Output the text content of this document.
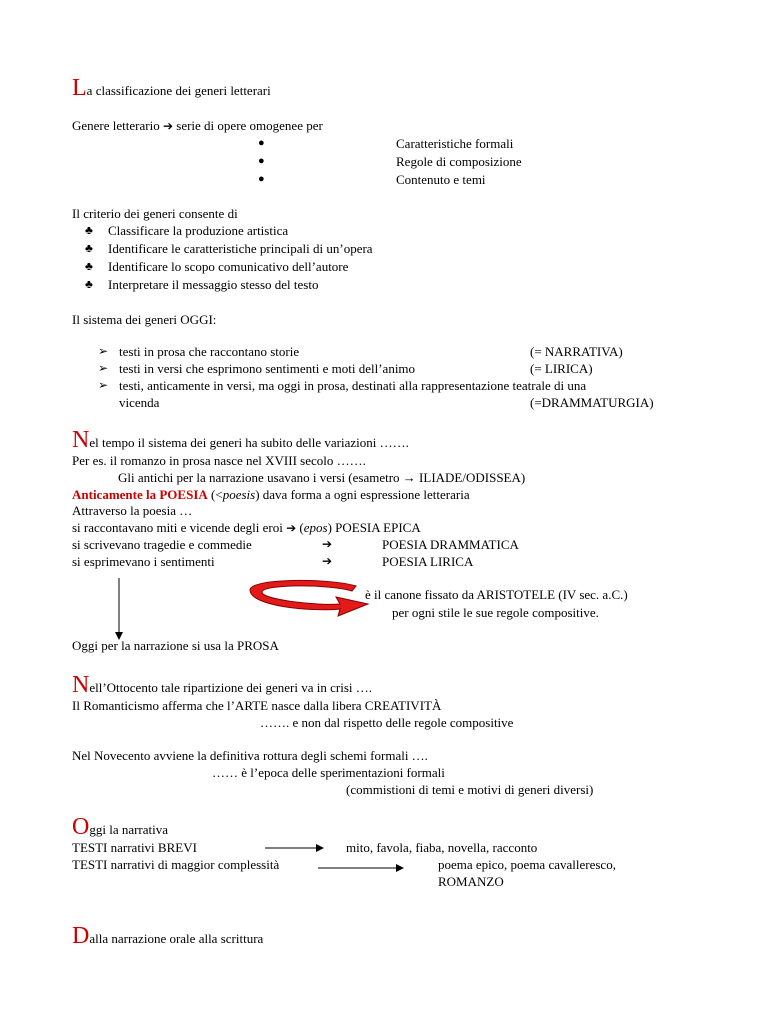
La classificazione dei generi letterari
Genere letterario ➔ serie di opere omogenee per
●	Caratteristiche formali
●	Regole di composizione
●	Contenuto e temi
Il criterio dei generi consente di
♣ Classificare la produzione artistica
♣ Identificare le caratteristiche principali di un’opera
♣ Identificare lo scopo comunicativo dell’autore
♣ Interpretare il messaggio stesso del testo
Il sistema dei generi OGGI:
➢ testi in prosa che raccontano storie	(= NARRATIVA)
➢ testi in versi che esprimono sentimenti e moti dell’animo	(= LIRICA)
➢ testi, anticamente in versi, ma oggi in prosa, destinati alla rappresentazione teatrale di una
vicenda	(=DRAMMATURGIA)
Nel tempo il sistema dei generi ha subito delle variazioni …….
Per es. il romanzo in prosa nasce nel XVIII secolo …….
Gli antichi per la narrazione usavano i versi (esametro → ILIADE/ODISSEA)
Anticamente la POESIA (<poesis) dava forma a ogni espressione letteraria
Attraverso la poesia …
si raccontavano miti e vicende degli eroi ➔ (epos) POESIA EPICA
si scrivevano tragedie e commedie	➔	POESIA DRAMMATICA
si esprimevano i sentimenti	➔	POESIA LIRICA
è il canone fissato da ARISTOTELE (IV sec. a.C.)
per ogni stile le sue regole compositive.
Oggi per la narrazione si usa la PROSA
Nell’Ottocento tale ripartizione dei generi va in crisi ….
Il Romanticismo afferma che l’ARTE nasce dalla libera CREATIVITÀ
……. e non dal rispetto delle regole compositive
Nel Novecento avviene la definitiva rottura degli schemi formali ….
…… è l’epoca delle sperimentazioni formali
(commistioni di temi e motivi di generi diversi)
Oggi la narrativa
TESTI narrativi BREVI	mito, favola, fiaba, novella, racconto
TESTI narrativi di maggior complessità	poema epico, poema cavalleresco,
ROMANZO
Dalla narrazione orale alla scrittura
